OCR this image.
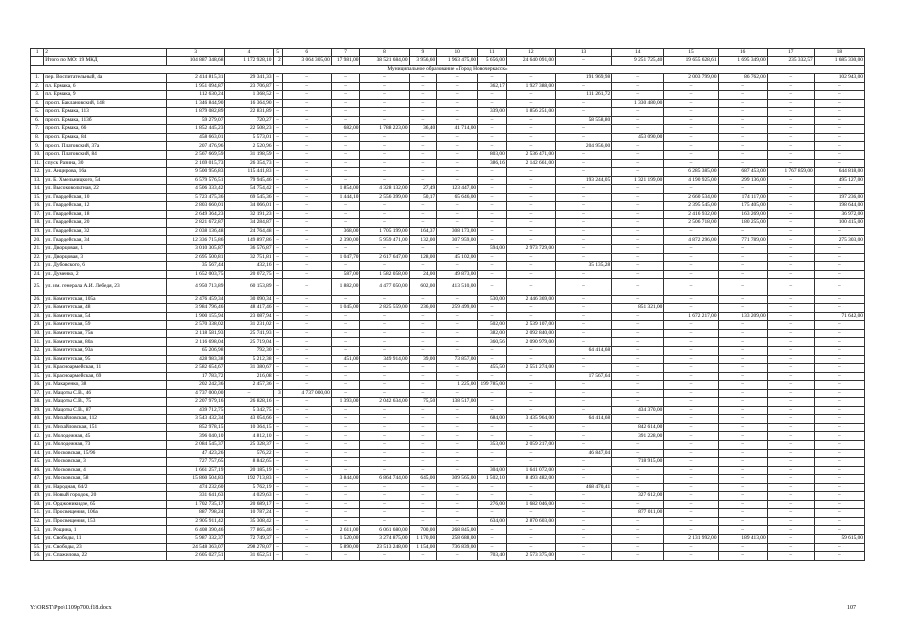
1	2	3	4	5	6	7	8	9	10	11	12	13	14	15	16	17	18
	Итого по МО: 19 МКД	104 887 348,68	1 172 928,10	2	3 064 305,00	17 981,00	38 521 684,00	3 956,60	1 963 475,00	5 656,00	24 640 091,00	–	9 251 725,40	19 655 628,61	1 695 349,00	235 332,57	1 685 330,00
Муниципальное образование «Город Новочеркасск»																	
1.	пер. Воспитательный, 4а	2 414 815,31	29 341,33	–	–	–	–	–	–	–	–	191 969,98	–	2 003 799,00	86 762,00	–	102 943,00
2.	пл. Ермака, 6	1 951 094,87	23 706,87	–	–	–	–	–	–	362,17	1 927 388,00	–	–	–	–	–	–
3.	пл. Ермака, 9	112 630,24	1 368,52	–	–	–	–	–	–	–	–	111 261,72	–	–	–	–	–
4.	просп. Баклановский, 148	1 346 844,90	16 364,90	–	–	–	–	–	–	–	–	–	1 330 480,00	–	–	–	–
5.	просп. Ермака, 113	1 879 082,89	22 831,89	–	–	–	–	–	–	339,00	1 856 251,00	–	–	–	–	–	–
6.	просп. Ермака, 113б	59 279,07	720,27	–	–	–	–	–	–	–	–	58 558,80	–	–	–	–	–
7.	просп. Ермака, 66	1 852 445,23	22 508,23	–	–	682,00	1 788 223,00	36,40	41 714,00	–	–	–	–	–	–	–	–
8.	просп. Ермака, 84	458 663,01	5 573,01	–	–	–	–	–	–	–	–	–	453 090,00	–	–	–	–
9.	просп. Платовский, 37а	207 476,96	2 520,96	–	–	–	–	–	–	–	–	204 956,00	–	–	–	–	–
10.	просп. Платовский, 84	2 567 669,59	31 198,59	–	–	–	–	–	–	803,00	2 536 471,00	–	–	–	–	–	–
11.	спуск Разина, 30	2 169 015,73	26 354,73	–	–	–	–	–	–	386,16	2 142 661,00	–	–	–	–	–	–
12.	ул. Анцирова, 16а	9 500 956,83	115 441,83	–	–	–	–	–	–	–	–	–	–	6 285 385,00	687 453,00	1 767 859,00	644 818,00
13.	ул. Б. Хмельницкого, 54	6 579 576,51	79 945,46	–	–	–	–	–	–	–	–	193 244,05	1 321 199,00	4 190 925,00	299 136,00	–	495 127,00
14.	ул. Высоковольтная, 22	4 506 333,42	54 754,42	–	–	1 854,00	4 328 132,00	27,49	123 447,00	–	–	–	–	–	–	–	–
15.	ул. Гвардейская, 10	5 723 475,36	69 545,36	–	–	1 444,10	2 556 399,00	50,17	65 646,00	–	–	–	–	2 660 534,00	174 117,00	–	197 236,00
16.	ул. Гвардейская, 12	2 803 660,01	34 066,01	–	–	–	–	–	–	–	–	–	–	2 395 545,00	175 405,00	–	198 644,00
17.	ул. Гвардейская, 18	2 649 364,23	32 191,23	–	–	–	–	–	–	–	–	–	–	2 416 932,00	163 269,00	–	36 972,00
18.	ул. Гвардейская, 20	2 821 672,87	34 284,87	–	–	–	–	–	–	–	–	–	–	2 506 718,00	180 255,00	–	100 415,00
19.	ул. Гвардейская, 32	2 038 136,48	24 764,48	–	–	368,00	1 705 199,00	164,37	308 173,00	–	–	–	–	–	–	–	–
20.	ул. Гвардейская, 34	12 336 715,86	149 897,86	–	–	2 390,00	5 959 471,00	132,00	307 959,00	–	–	–	–	4 872 296,00	771 789,00	–	275 303,00
21.	ул. Дворцовая, 1	3 010 305,87	36 576,87	–	–	–	–	–	–	594,00	2 973 729,00	–	–	–	–	–	–
22.	ул. Дворцовая, 3	2 695 500,81	32 751,81	–	–	1 047,70	2 617 647,00	128,00	45 102,00	–	–	–	–	–	–	–	–
23.	ул. Дубовского, 6	35 567,44	432,16	–	–	–	–	–	–	–	–	35 135,28	–	–	–	–	–
24.	ул. Думенко, 2	1 652 003,75	20 072,75	–	–	587,00	1 582 058,00	24,00	49 873,00	–	–	–	–	–	–	–	–
25.	ул. им. генерала А.И. Лебедя, 23	4 950 713,89	60 153,89	–	–	1 882,00	4 477 050,00	602,00	413 510,00	–	–	–	–	–	–	–	–
26.	ул. Комитетская, 105а	2 476 459,34	30 090,34	–	–	–	–	–	–	530,00	2 446 369,00	–	–	–	–	–	–
27.	ул. Комитетская, 48	3 984 796,46	48 417,46	–	–	1 045,00	2 825 559,00	236,00	259 499,00	–	–	–	851 321,00	–	–	–	–
28.	ул. Комитетская, 54	1 900 155,94	23 087,94	–	–	–	–	–	–	–	–	–	–	1 672 217,00	133 209,00	–	71 642,00
29.	ул. Комитетская, 59	2 570 338,02	31 231,02	–	–	–	–	–	–	502,00	2 539 107,00	–	–	–	–	–	–
30.	ул. Комитетская, 75в	2 118 581,93	25 741,93	–	–	–	–	–	–	382,00	2 092 840,00	–	–	–	–	–	–
31.	ул. Комитетская, 80а	2 116 698,04	25 719,04	–	–	–	–	–	–	360,56	2 090 979,00	–	–	–	–	–	–
32.	ул. Комитетская, 93а	65 206,98	792,30	–	–	–	–	–	–	–	–	64 414,68	–	–	–	–	–
33.	ул. Комитетская, 95	428 983,38	5 212,38	–	–	451,00	349 914,00	39,00	73 857,00	–	–	–	–	–	–	–	–
34.	ул. Красноармейская, 11	2 582 654,67	31 380,67	–	–	–	–	–	–	455,50	2 551 274,00	–	–	–	–	–	–
35.	ул. Красноармейская, 69	17 783,72	216,08	–	–	–	–	–	–	–	–	17 567,64	–	–	–	–	–
36.	ул. Макаренко, 38	202 242,36	2 457,36	–	–	–	–	–	1 225,00	199 785,00	–	–	–	–	–	–	–
37.	ул. Мацоты С.В., 46	4 737 000,00	–	3	4 737 000,00	–	–	–	–	–	–	–	–	–	–	–	–
38.	ул. Мацоты С.В., 75	2 207 979,16	26 828,16	–	–	1 393,00	2 042 634,00	75,50	138 517,00	–	–	–	–	–	–	–	–
39.	ул. Мацоты С.В., 87	439 712,75	5 342,75	–	–	–	–	–	–	–	–	–	434 370,00	–	–	–	–
40.	ул. Михайловская, 112	3 543 432,34	43 054,66	–	–	–	–	–	–	684,00	3 435 964,00	64 414,68	–	–	–	–	–
41.	ул. Михайловская, 151	852 978,15	10 364,15	–	–	–	–	–	–	–	–	–	842 614,00	–	–	–	–
42.	ул. Молодежная, 45	396 040,10	4 812,10	–	–	–	–	–	–	–	–	–	391 228,00	–	–	–	–
43.	ул. Молодежная, 73	2 084 545,37	25 328,37	–	–	–	–	–	–	353,00	2 059 217,00	–	–	–	–	–	–
44.	ул. Московская, 15/96	47 423,26	576,22	–	–	–	–	–	–	–	–	46 847,04	–	–	–	–	–
45.	ул. Московская, 3	727 757,65	8 842,65	–	–	–	–	–	–	–	–	–	718 915,00	–	–	–	–
46.	ул. Московская, 4	1 661 257,19	20 185,19	–	–	–	–	–	–	304,00	1 641 072,00	–	–	–	–	–	–
47.	ул. Московская, 58	15 860 504,83	192 713,83	–	–	3 844,00	6 864 744,00	645,00	309 565,00	1 502,10	8 493 482,00	–	–	–	–	–	–
48.	ул. Народная, 64/2	474 232,60	5 762,19	–	–	–	–	–	–	–	–	468 470,41	–	–	–	–	–
49.	ул. Новый городок, 20	331 641,63	4 029,63	–	–	–	–	–	–	–	–	–	327 612,00	–	–	–	–
50.	ул. Орджоникидзе, 65	1 702 735,17	20 689,17	–	–	–	–	–	–	276,00	1 682 046,00	–	–	–	–	–	–
51.	ул. Просвещения, 106а	887 798,24	10 787,24	–	–	–	–	–	–	–	–	–	877 011,00	–	–	–	–
52.	ул. Просвещения, 153	2 905 911,42	35 308,42	–	–	–	–	–	–	634,00	2 870 603,00	–	–	–	–	–	–
53.	ул. Рощина, 1	6 408 390,46	77 865,46	–	–	2 611,00	6 061 680,00	700,00	268 845,00	–	–	–	–	–	–	–	–
54.	ул. Свободы, 11	5 987 332,37	72 749,37	–	–	1 520,00	3 274 875,00	1 170,00	258 688,00	–	–	–	–	2 131 992,00	189 413,00	–	59 615,00
55.	ул. Свободы, 23	24 548 363,07	298 278,07	–	–	5 890,00	23 513 248,00	1 154,00	736 839,00	–	–	–	–	–	–	–	–
56.	ул. Спажилова, 22	2 605 027,51	31 652,51	–	–	–	–	–	–	703,40	2 573 375,00	–	–	–	–	–	–
Y:\ORST\Ppo\1109p700.f18.docx	107
